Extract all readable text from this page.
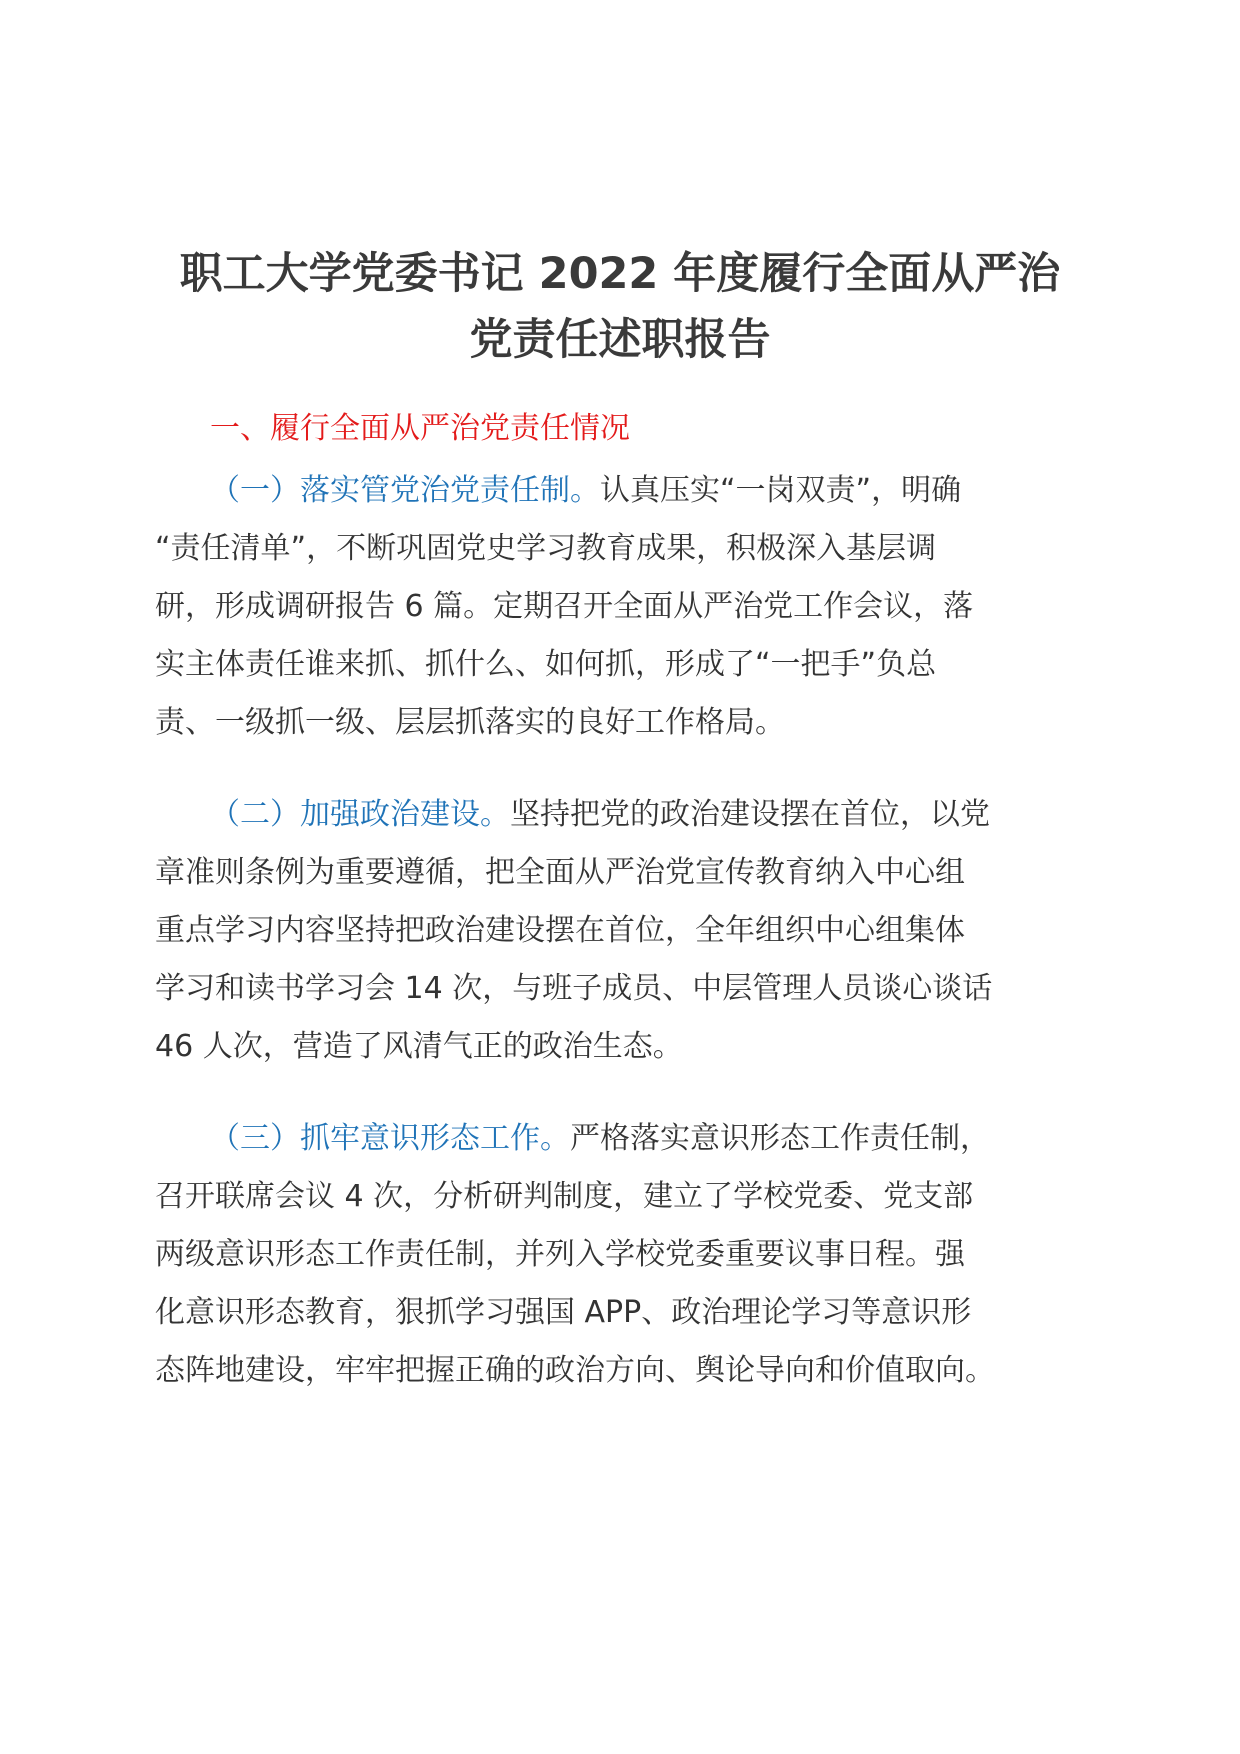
职工大学党委书记 2022 年度履行全面从严治
党责任述职报告
一、履行全面从严治党责任情况
（一）落实管党治党责任制。认真压实“一岗双责”，明确
“责任清单”，不断巩固党史学习教育成果，积极深入基层调
研，形成调研报告 6 篇。定期召开全面从严治党工作会议，落
实主体责任谁来抓、抓什么、如何抓，形成了“一把手”负总
责、一级抓一级、层层抓落实的良好工作格局。
（二）加强政治建设。坚持把党的政治建设摆在首位，以党
章准则条例为重要遵循，把全面从严治党宣传教育纳入中心组
重点学习内容坚持把政治建设摆在首位，全年组织中心组集体
学习和读书学习会 14 次，与班子成员、中层管理人员谈心谈话
46 人次，营造了风清气正的政治生态。
（三）抓牢意识形态工作。严格落实意识形态工作责任制，
召开联席会议 4 次，分析研判制度，建立了学校党委、党支部
两级意识形态工作责任制，并列入学校党委重要议事日程。强
化意识形态教育，狠抓学习强国 APP、政治理论学习等意识形
态阵地建设，牢牢把握正确的政治方向、舆论导向和价值取向。
